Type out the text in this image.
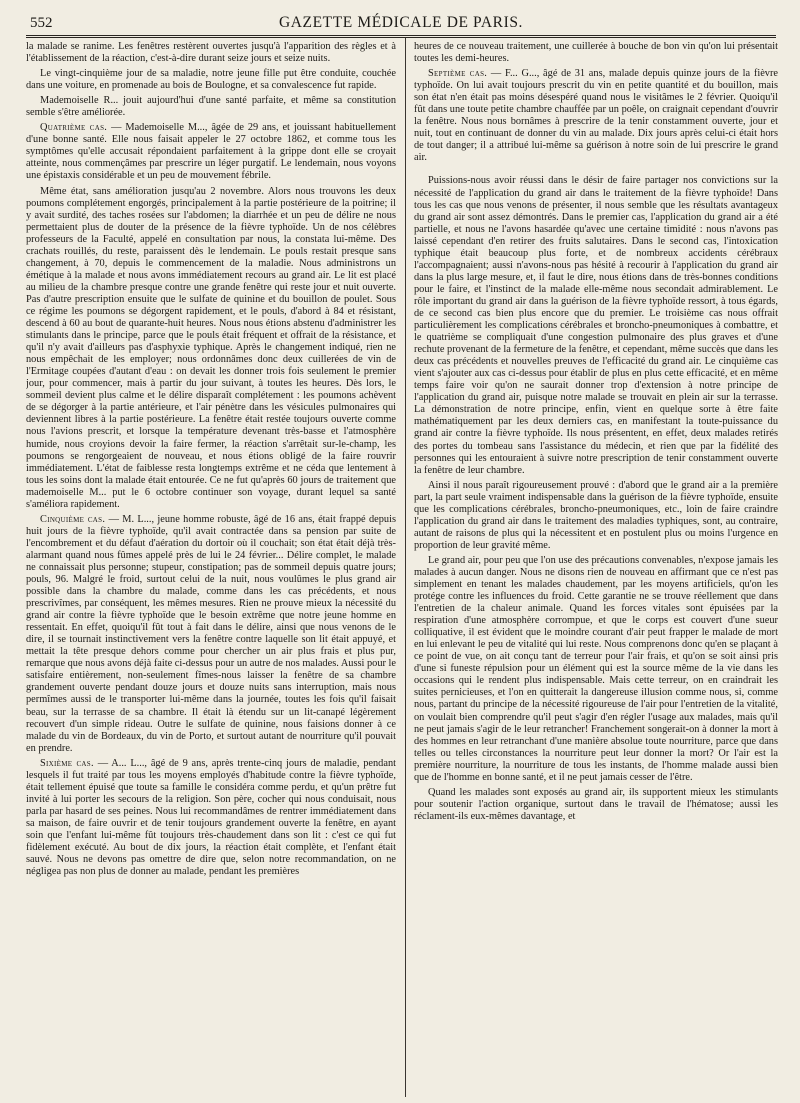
552	GAZETTE MÉDICALE DE PARIS.

la malade se ranime. Les fenêtres restèrent ouvertes jusqu'à l'apparition des règles et à l'établissement de la réaction, c'est-à-dire durant seize jours et seize nuits.

Le vingt-cinquième jour de sa maladie, notre jeune fille put être conduite, couchée dans une voiture, en promenade au bois de Boulogne, et sa convalescence fut rapide.

Mademoiselle R... jouit aujourd'hui d'une santé parfaite, et même sa constitution semble s'être améliorée.

Quatrième cas. — Mademoiselle M..., âgée de 29 ans, et jouissant habituellement d'une bonne santé. Elle nous faisait appeler le 27 octobre 1862, et comme tous les symptômes qu'elle accusait répondaient parfaitement à la grippe dont elle se croyait atteinte, nous commençâmes par prescrire un léger purgatif. Le lendemain, nous voyons une épistaxis considérable et un peu de mouvement fébrile.

Même état, sans amélioration jusqu'au 2 novembre. Alors nous trouvons les deux poumons complétement engorgés, principalement à la partie postérieure de la poitrine; il y avait surdité, des taches rosées sur l'abdomen; la diarrhée et un peu de délire ne nous permettaient plus de douter de la présence de la fièvre typhoïde. Un de nos célèbres professeurs de la Faculté, appelé en consultation par nous, la constata lui-même. Des crachats rouillés, du reste, paraissent dès le lendemain. Le pouls restait presque sans changement, à 70, depuis le commencement de la maladie. Nous administrons un émétique à la malade et nous avons immédiatement recours au grand air. Le lit est placé au milieu de la chambre presque contre une grande fenêtre qui reste jour et nuit ouverte. Pas d'autre prescription ensuite que le sulfate de quinine et du bouillon de poulet. Sous ce régime les poumons se dégorgent rapidement, et le pouls, d'abord à 84 et résistant, descend à 60 au bout de quarante-huit heures. Nous nous étions abstenu d'administrer les stimulants dans le principe, parce que le pouls était fréquent et offrait de la résistance, et qu'il n'y avait d'ailleurs pas d'asphyxie typhique. Après le changement indiqué, rien ne nous empêchait de les employer; nous ordonnâmes donc deux cuillerées de vin de l'Ermitage coupées d'autant d'eau : on devait les donner trois fois seulement le premier jour, pour commencer, mais à partir du jour suivant, à toutes les heures. Dès lors, le sommeil devient plus calme et le délire disparaît complétement : les poumons achèvent de se dégorger à la partie antérieure, et l'air pénètre dans les vésicules pulmonaires qui deviennent libres à la partie postérieure. La fenêtre était restée toujours ouverte comme nous l'avions prescrit, et lorsque la température devenant très-basse et l'atmosphère humide, nous croyions devoir la faire fermer, la réaction s'arrêtait sur-le-champ, les poumons se rengorgeaient de nouveau, et nous étions obligé de la faire rouvrir immédiatement. L'état de faiblesse resta longtemps extrême et ne céda que lentement à tous les soins dont la malade était entourée. Ce ne fut qu'après 60 jours de traitement que mademoiselle M... put le 6 octobre continuer son voyage, durant lequel sa santé s'améliora rapidement.

Cinquième cas. — M. L..., jeune homme robuste, âgé de 16 ans, était frappé depuis huit jours de la fièvre typhoïde, qu'il avait contractée dans sa pension par suite de l'encombrement et du défaut d'aération du dortoir où il couchait; son état était déjà très-alarmant quand nous fûmes appelé près de lui le 24 février... Délire complet, le malade ne connaissait plus personne; stupeur, constipation; pas de sommeil depuis quatre jours; pouls, 96. Malgré le froid, surtout celui de la nuit, nous voulûmes le plus grand air possible dans la chambre du malade, comme dans les cas précédents, et nous prescrivîmes, par conséquent, les mêmes mesures. Rien ne prouve mieux la nécessité du grand air contre la fièvre typhoïde que le besoin extrême que notre jeune homme en ressentait. En effet, quoiqu'il fût tout à fait dans le délire, ainsi que nous venons de le dire, il se tournait instinctivement vers la fenêtre contre laquelle son lit était appuyé, et mettait la tête presque dehors comme pour chercher un air plus frais et plus pur, remarque que nous avons déjà faite ci-dessus pour un autre de nos malades. Aussi pour le satisfaire entièrement, non-seulement fîmes-nous laisser la fenêtre de sa chambre grandement ouverte pendant douze jours et douze nuits sans interruption, mais nous permîmes aussi de le transporter lui-même dans la journée, toutes les fois qu'il faisait beau, sur la terrasse de sa chambre. Il était là étendu sur un lit-canapé légèrement recouvert d'un simple rideau. Outre le sulfate de quinine, nous faisions donner à ce malade du vin de Bordeaux, du vin de Porto, et surtout autant de nourriture qu'il pouvait en prendre.

Sixième cas. — A... L..., âgé de 9 ans, après trente-cinq jours de maladie, pendant lesquels il fut traité par tous les moyens employés d'habitude contre la fièvre typhoïde, était tellement épuisé que toute sa famille le considéra comme perdu, et qu'un prêtre fut invité à lui porter les secours de la religion. Son père, cocher qui nous conduisait, nous parla par hasard de ses peines. Nous lui recommandâmes de rentrer immédiatement dans sa maison, de faire ouvrir et de tenir toujours grandement ouverte la fenêtre, en ayant soin que l'enfant lui-même fût toujours très-chaudement dans son lit : c'est ce qui fut fidèlement exécuté. Au bout de dix jours, la réaction était complète, et l'enfant était sauvé. Nous ne devons pas omettre de dire que, selon notre recommandation, on ne négligea pas non plus de donner au malade, pendant les premières

heures de ce nouveau traitement, une cuillerée à bouche de bon vin qu'on lui présentait toutes les demi-heures.

Septième cas. — F... G..., âgé de 31 ans, malade depuis quinze jours de la fièvre typhoïde. On lui avait toujours prescrit du vin en petite quantité et du bouillon, mais son état n'en était pas moins désespéré quand nous le visitâmes le 2 février. Quoiqu'il fût dans une toute petite chambre chauffée par un poêle, on craignait cependant d'ouvrir la fenêtre. Nous nous bornâmes à prescrire de la tenir constamment ouverte, jour et nuit, tout en continuant de donner du vin au malade. Dix jours après celui-ci était hors de tout danger; il a attribué lui-même sa guérison à notre soin de lui prescrire le grand air.

Puissions-nous avoir réussi dans le désir de faire partager nos convictions sur la nécessité de l'application du grand air dans le traitement de la fièvre typhoïde! Dans tous les cas que nous venons de présenter, il nous semble que les résultats avantageux du grand air sont assez démontrés. Dans le premier cas, l'application du grand air a été partielle, et nous ne l'avons hasardée qu'avec une certaine timidité : nous n'avons pas laissé cependant d'en retirer des fruits salutaires. Dans le second cas, l'intoxication typhique était beaucoup plus forte, et de nombreux accidents cérébraux l'accompagnaient; aussi n'avons-nous pas hésité à recourir à l'application du grand air dans la plus large mesure, et, il faut le dire, nous étions dans de très-bonnes conditions pour le faire, et l'instinct de la malade elle-même nous secondait admirablement. Le rôle important du grand air dans la guérison de la fièvre typhoïde ressort, à tous égards, de ce second cas bien plus encore que du premier. Le troisième cas nous offrait particulièrement les complications cérébrales et broncho-pneumoniques à combattre, et le quatrième se compliquait d'une congestion pulmonaire des plus graves et d'une rechute provenant de la fermeture de la fenêtre, et cependant, même succès que dans les deux cas précédents et nouvelles preuves de l'efficacité du grand air. Le cinquième cas vient s'ajouter aux cas ci-dessus pour établir de plus en plus cette efficacité, et en même temps faire voir qu'on ne saurait donner trop d'extension à notre principe de l'application du grand air, puisque notre malade se trouvait en plein air sur la terrasse. La démonstration de notre principe, enfin, vient en quelque sorte à être faite mathématiquement par les deux derniers cas, en manifestant la toute-puissance du grand air contre la fièvre typhoïde. Ils nous présentent, en effet, deux malades retirés des portes du tombeau sans l'assistance du médecin, et rien que par la fidélité des personnes qui les entouraient à suivre notre prescription de tenir constamment ouverte la fenêtre de leur chambre.

Ainsi il nous paraît rigoureusement prouvé : d'abord que le grand air a la première part, la part seule vraiment indispensable dans la guérison de la fièvre typhoïde, ensuite que les complications cérébrales, broncho-pneumoniques, etc., loin de faire craindre l'application du grand air dans le traitement des maladies typhiques, sont, au contraire, autant de raisons de plus qui la nécessitent et en postulent plus ou moins l'urgence en proportion de leur gravité même.

Le grand air, pour peu que l'on use des précautions convenables, n'expose jamais les malades à aucun danger. Nous ne disons rien de nouveau en affirmant que ce n'est pas simplement en tenant les malades chaudement, par les moyens artificiels, qu'on les protége contre les influences du froid. Cette garantie ne se trouve réellement que dans l'entretien de la chaleur animale. Quand les forces vitales sont épuisées par la respiration d'une atmosphère corrompue, et que le corps est couvert d'une sueur colliquative, il est évident que le moindre courant d'air peut frapper le malade de mort en lui enlevant le peu de vitalité qui lui reste. Nous comprenons donc qu'en se plaçant à ce point de vue, on ait conçu tant de terreur pour l'air frais, et qu'on se soit ainsi pris d'une si funeste répulsion pour un élément qui est la source même de la vie dans les occasions qui le rendent plus indispensable. Mais cette terreur, on en craindrait les suites pernicieuses, et l'on en quitterait la dangereuse illusion comme nous, si, comme nous, partant du principe de la nécessité rigoureuse de l'air pour l'entretien de la vitalité, on voulait bien comprendre qu'il peut s'agir d'en régler l'usage aux malades, mais qu'il ne peut jamais s'agir de le leur retrancher! Franchement songerait-on à donner la mort à des hommes en leur retranchant d'une manière absolue toute nourriture, parce que dans telles ou telles circonstances la nourriture peut leur donner la mort? Or l'air est la première nourriture, la nourriture de tous les instants, de l'homme malade aussi bien que de l'homme en bonne santé, et il ne peut jamais cesser de l'être.

Quand les malades sont exposés au grand air, ils supportent mieux les stimulants pour soutenir l'action organique, surtout dans le travail de l'hématose; aussi les réclament-ils eux-mêmes davantage, et
